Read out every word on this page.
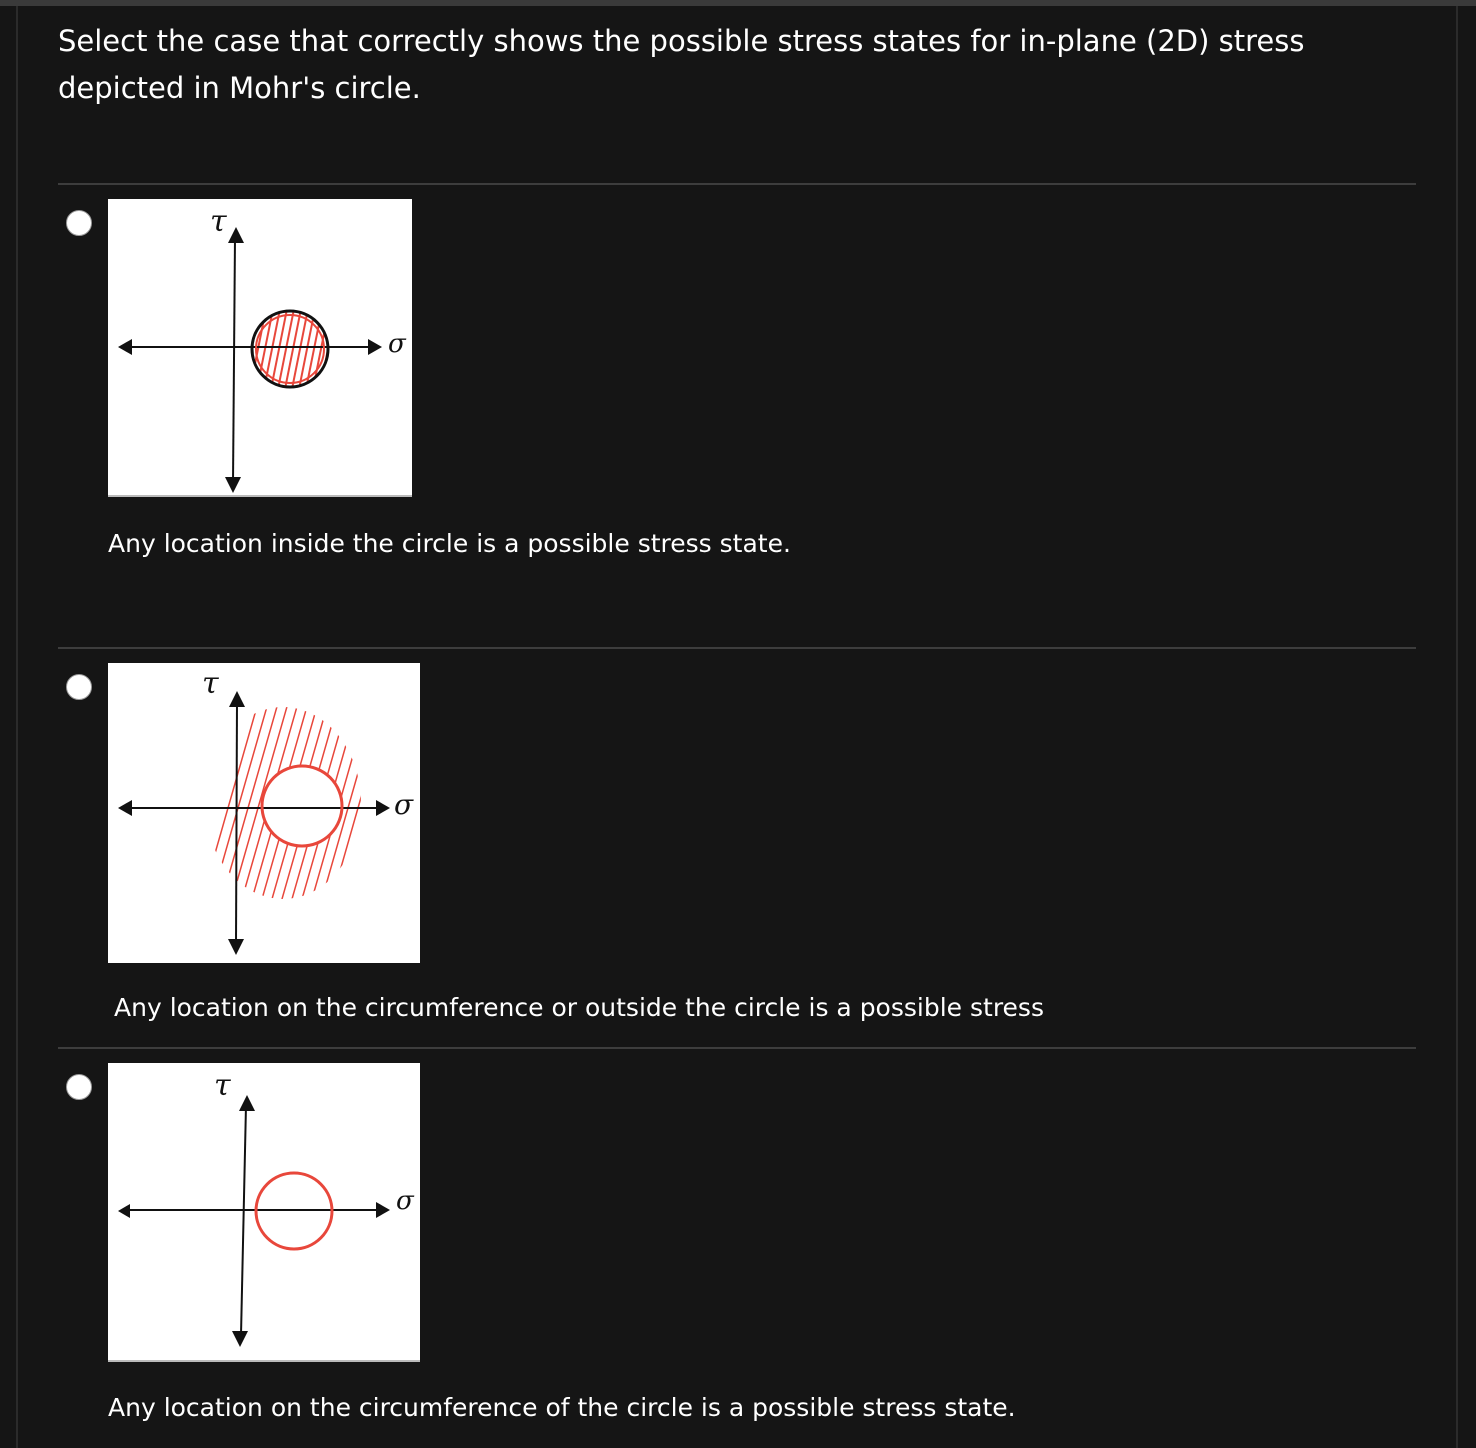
Select the case that correctly shows the possible stress states for in-plane (2D) stress depicted in Mohr's circle.

τ
σ
Any location inside the circle is a possible stress state.
τ
σ
Any location on the circumference or outside the circle is a possible stress
τ
σ
Any location on the circumference of the circle is a possible stress state.
